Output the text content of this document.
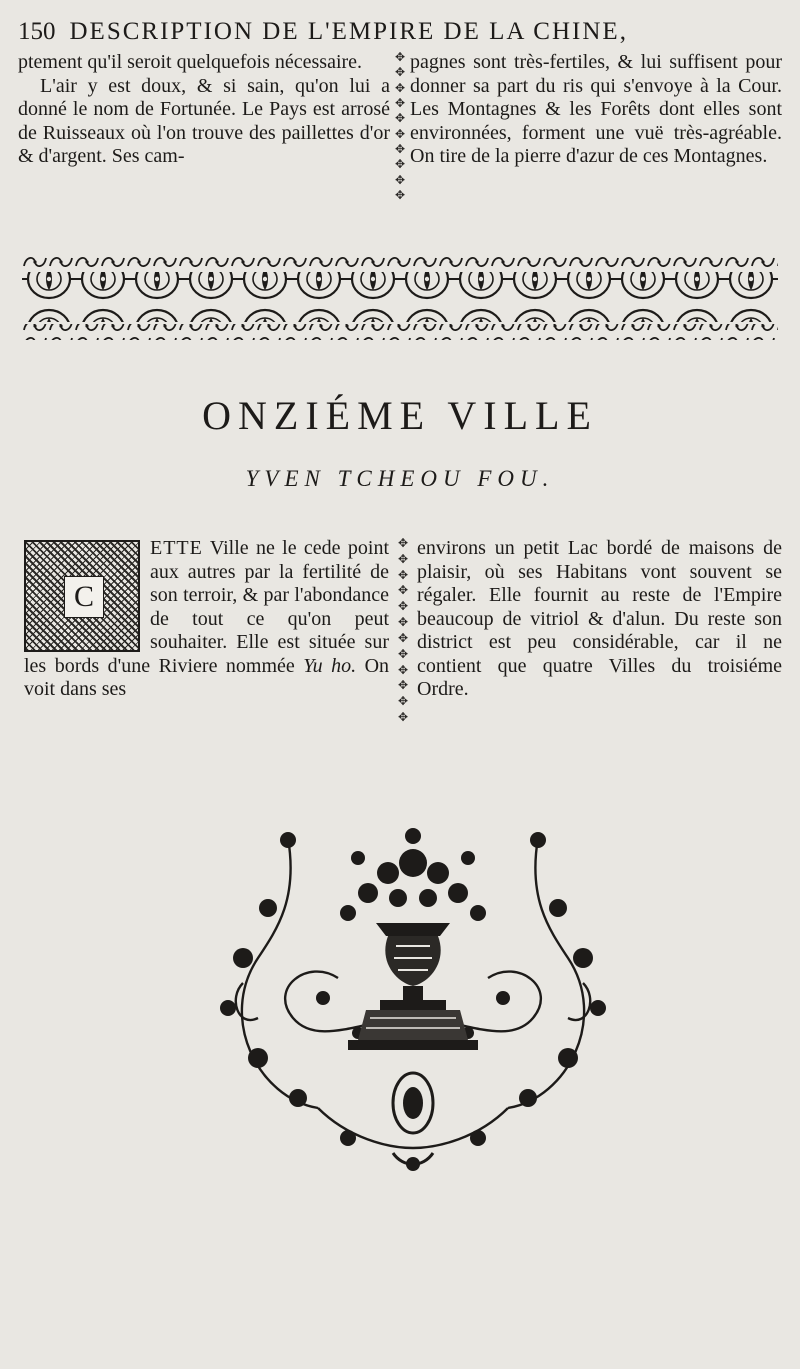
150 DESCRIPTION DE L'EMPIRE DE LA CHINE,

ptement qu'il seroit quelquefois nécessaire.

L'air y est doux, & si sain, qu'on lui a donné le nom de Fortunée. Le Pays est arrosé de Ruisseaux où l'on trouve des paillettes d'or & d'argent. Ses cam-

✥
✥
✥
✥
✥
✥
✥
✥
✥
✥

pagnes sont très-fertiles, & lui suffisent pour donner sa part du ris qui s'envoye à la Cour. Les Montagnes & les Forêts dont elles sont environnées, forment une vuë très-agréable. On tire de la pierre d'azur de ces Montagnes.

ONZIÉME VILLE
YVEN TCHEOU FOU.
C

ETTE Ville ne le cede point aux autres par la fertilité de son terroir, & par l'abondance de tout ce qu'on peut souhaiter. Elle est située sur les bords d'une Riviere nommée Yu ho. On voit dans ses

✥
✥
✥
✥
✥
✥
✥
✥
✥
✥
✥
✥

environs un petit Lac bordé de maisons de plaisir, où ses Habitans vont souvent se régaler. Elle fournit au reste de l'Empire beaucoup de vitriol & d'alun. Du reste son district est peu considérable, car il ne contient que quatre Villes du troisiéme Ordre.
